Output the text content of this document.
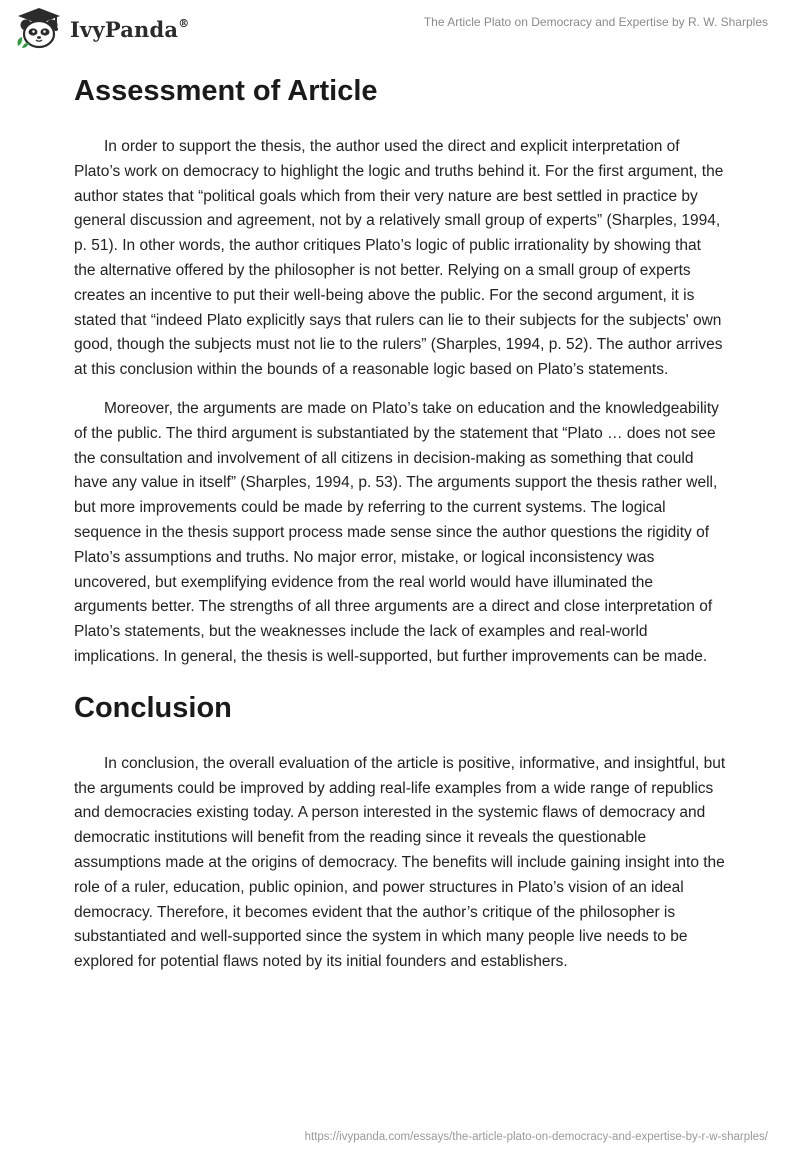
IvyPanda®	The Article Plato on Democracy and Expertise by R. W. Sharples
Assessment of Article

In order to support the thesis, the author used the direct and explicit interpretation of Plato’s work on democracy to highlight the logic and truths behind it. For the first argument, the author states that “political goals which from their very nature are best settled in practice by general discussion and agreement, not by a relatively small group of experts” (Sharples, 1994, p. 51). In other words, the author critiques Plato’s logic of public irrationality by showing that the alternative offered by the philosopher is not better. Relying on a small group of experts creates an incentive to put their well-being above the public. For the second argument, it is stated that “indeed Plato explicitly says that rulers can lie to their subjects for the subjects' own good, though the subjects must not lie to the rulers” (Sharples, 1994, p. 52). The author arrives at this conclusion within the bounds of a reasonable logic based on Plato’s statements.

Moreover, the arguments are made on Plato’s take on education and the knowledgeability of the public. The third argument is substantiated by the statement that “Plato … does not see the consultation and involvement of all citizens in decision-making as something that could have any value in itself” (Sharples, 1994, p. 53). The arguments support the thesis rather well, but more improvements could be made by referring to the current systems. The logical sequence in the thesis support process made sense since the author questions the rigidity of Plato’s assumptions and truths. No major error, mistake, or logical inconsistency was uncovered, but exemplifying evidence from the real world would have illuminated the arguments better. The strengths of all three arguments are a direct and close interpretation of Plato’s statements, but the weaknesses include the lack of examples and real-world implications. In general, the thesis is well-supported, but further improvements can be made.

Conclusion

In conclusion, the overall evaluation of the article is positive, informative, and insightful, but the arguments could be improved by adding real-life examples from a wide range of republics and democracies existing today. A person interested in the systemic flaws of democracy and democratic institutions will benefit from the reading since it reveals the questionable assumptions made at the origins of democracy. The benefits will include gaining insight into the role of a ruler, education, public opinion, and power structures in Plato’s vision of an ideal democracy. Therefore, it becomes evident that the author’s critique of the philosopher is substantiated and well-supported since the system in which many people live needs to be explored for potential flaws noted by its initial founders and establishers.

https://ivypanda.com/essays/the-article-plato-on-democracy-and-expertise-by-r-w-sharples/
